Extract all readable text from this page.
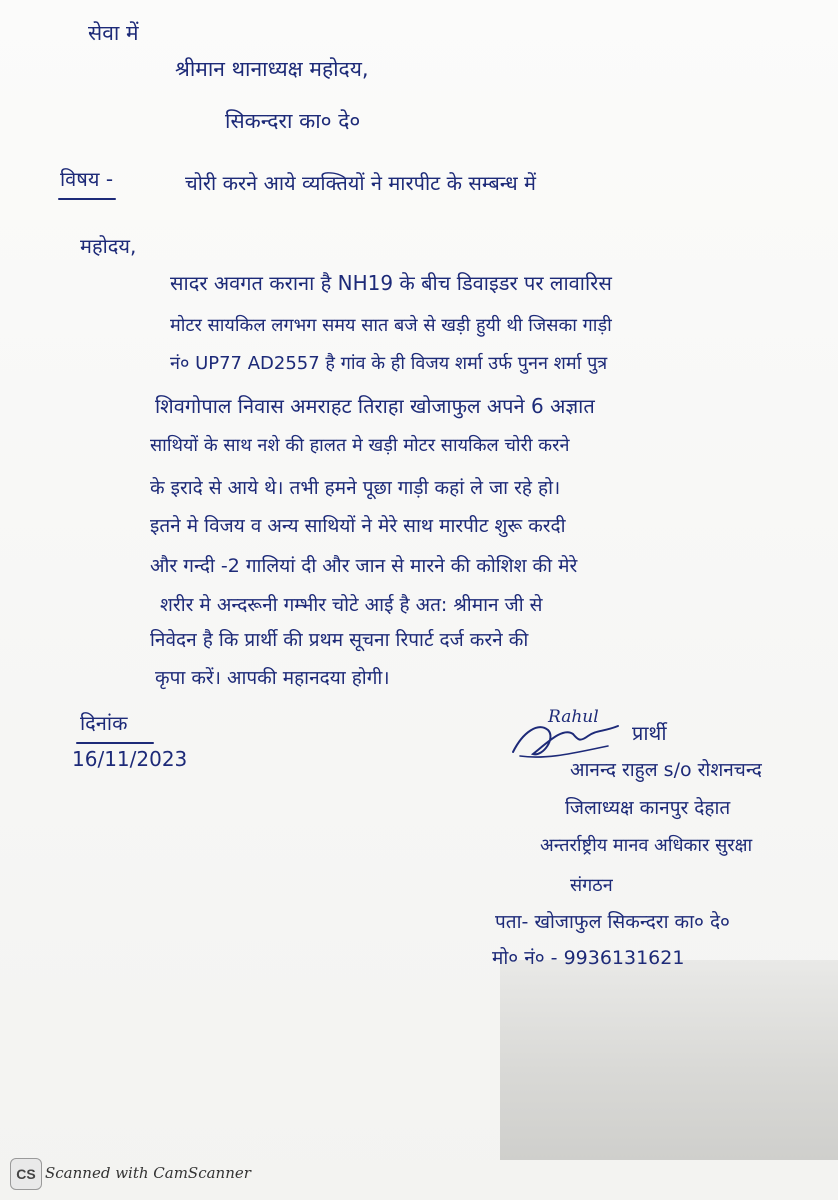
सेवा में
श्रीमान थानाध्यक्ष महोदय,
सिकन्दरा का० दे०
विषय -	चोरी करने आये व्यक्तियों ने मारपीट के सम्बन्ध में
महोदय,
सादर अवगत कराना है NH19 के बीच डिवाइडर पर लावारिस
मोटर सायकिल लगभग समय सात बजे से खड़ी हुयी थी जिसका गाड़ी
नं० UP77 AD2557 है गांव के ही विजय शर्मा उर्फ पुनन शर्मा पुत्र
शिवगोपाल निवास अमराहट तिराहा खोजाफुल अपने 6 अज्ञात
साथियों के साथ नशे की हालत मे खड़ी मोटर सायकिल चोरी करने
के इरादे से आये थे। तभी हमने पूछा गाड़ी कहां ले जा रहे हो।
इतने मे विजय व अन्य साथियों ने मेरे साथ मारपीट शुरू करदी
और गन्दी -2 गालियां दी और जान से मारने की कोशिश की मेरे
शरीर मे अन्दरूनी गम्भीर चोटे आई है अत: श्रीमान जी से
निवेदन है कि प्रार्थी की प्रथम सूचना रिपार्ट दर्ज करने की
कृपा करें। आपकी महानदया होगी।
दिनांक
16/11/2023
Rahul
प्रार्थी
आनन्द राहुल s/o रोशनचन्द
जिलाध्यक्ष कानपुर देहात
अन्तर्राष्ट्रीय मानव अधिकार सुरक्षा
संगठन
पता- खोजाफुल सिकन्दरा का० दे०
मो० नं० - 9936131621
CS Scanned with CamScanner
